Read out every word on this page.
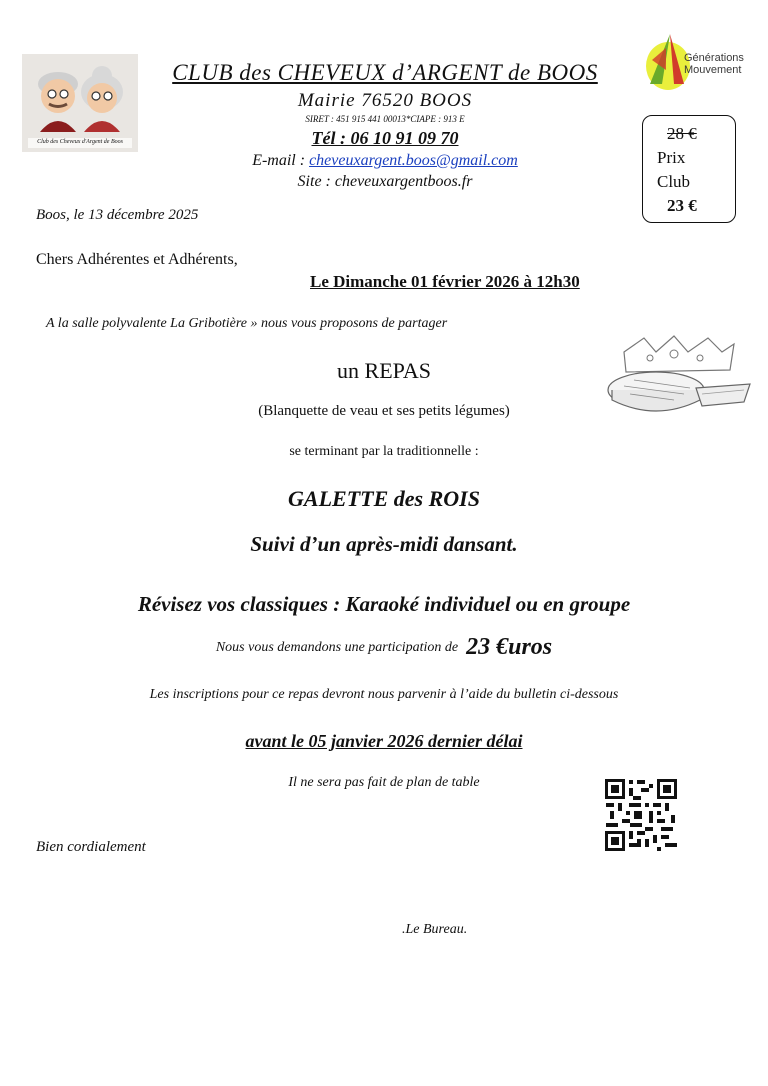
Club des Cheveux d'Argent de Boos
CLUB des CHEVEUX d’ARGENT de BOOS
Mairie 76520 BOOS
SIRET : 451 915 441 00013*CIAPE : 913 E
Tél : 06 10 91 09 70
E-mail : cheveuxargent.boos@gmail.com
Site : cheveuxargentboos.fr
Générations
Mouvement
28 €
Prix
Club
23 €
Boos, le 13 décembre 2025
Chers Adhérentes et Adhérents,
Le Dimanche 01 février 2026 à 12h30
A la salle polyvalente La Gribotière » nous vous proposons de partager
un REPAS
(Blanquette de veau et ses petits légumes)
se terminant par la traditionnelle :
GALETTE des ROIS
Suivi d’un après-midi dansant.
Révisez vos classiques : Karaoké individuel ou en groupe
Nous vous demandons une participation de 23 €uros
Les inscriptions pour ce repas devront nous parvenir à l’aide du bulletin ci-dessous
avant le 05 janvier 2026 dernier délai
Il ne sera pas fait de plan de table
Bien cordialement
.Le Bureau.
